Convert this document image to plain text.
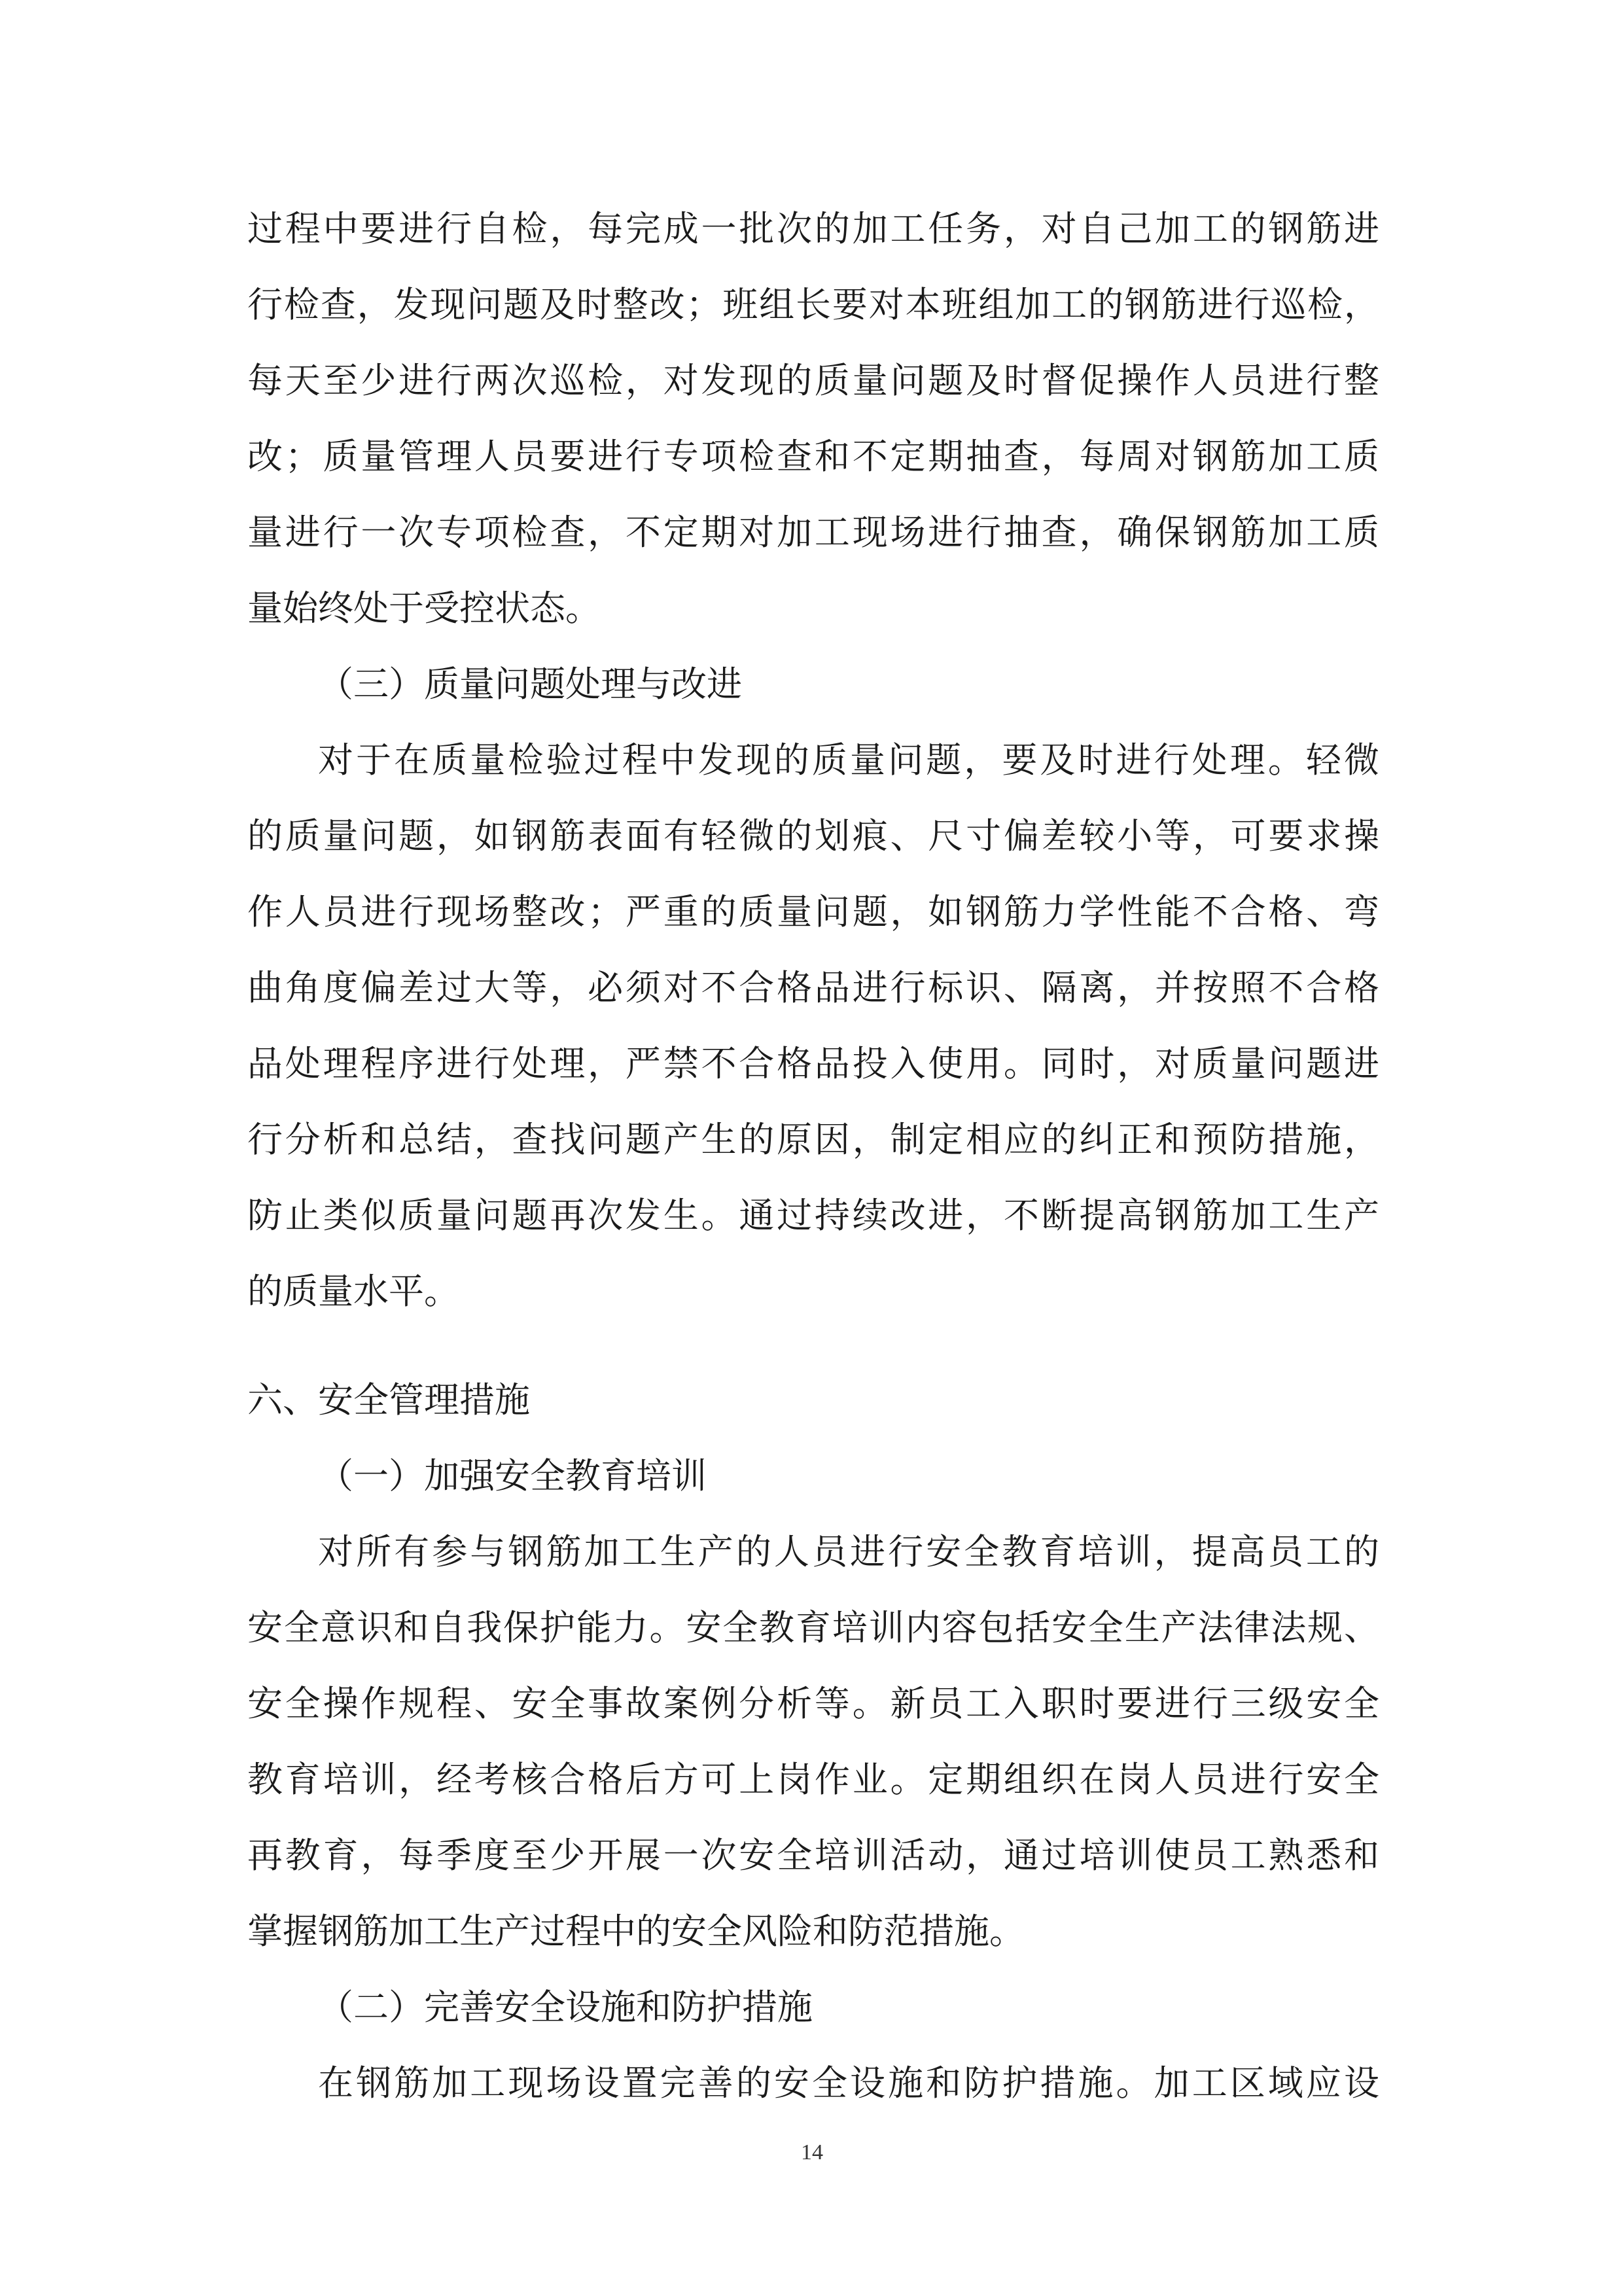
过程中要进行自检，每完成一批次的加工任务，对自己加工的钢筋进
行检查，发现问题及时整改；班组长要对本班组加工的钢筋进行巡检，
每天至少进行两次巡检，对发现的质量问题及时督促操作人员进行整
改；质量管理人员要进行专项检查和不定期抽查，每周对钢筋加工质
量进行一次专项检查，不定期对加工现场进行抽查，确保钢筋加工质
量始终处于受控状态。
（三）质量问题处理与改进
对于在质量检验过程中发现的质量问题，要及时进行处理。轻微
的质量问题，如钢筋表面有轻微的划痕、尺寸偏差较小等，可要求操
作人员进行现场整改；严重的质量问题，如钢筋力学性能不合格、弯
曲角度偏差过大等，必须对不合格品进行标识、隔离，并按照不合格
品处理程序进行处理，严禁不合格品投入使用。同时，对质量问题进
行分析和总结，查找问题产生的原因，制定相应的纠正和预防措施，
防止类似质量问题再次发生。通过持续改进，不断提高钢筋加工生产
的质量水平。
六、安全管理措施
（一）加强安全教育培训
对所有参与钢筋加工生产的人员进行安全教育培训，提高员工的
安全意识和自我保护能力。安全教育培训内容包括安全生产法律法规、
安全操作规程、安全事故案例分析等。新员工入职时要进行三级安全
教育培训，经考核合格后方可上岗作业。定期组织在岗人员进行安全
再教育，每季度至少开展一次安全培训活动，通过培训使员工熟悉和
掌握钢筋加工生产过程中的安全风险和防范措施。
（二）完善安全设施和防护措施
在钢筋加工现场设置完善的安全设施和防护措施。加工区域应设
14
